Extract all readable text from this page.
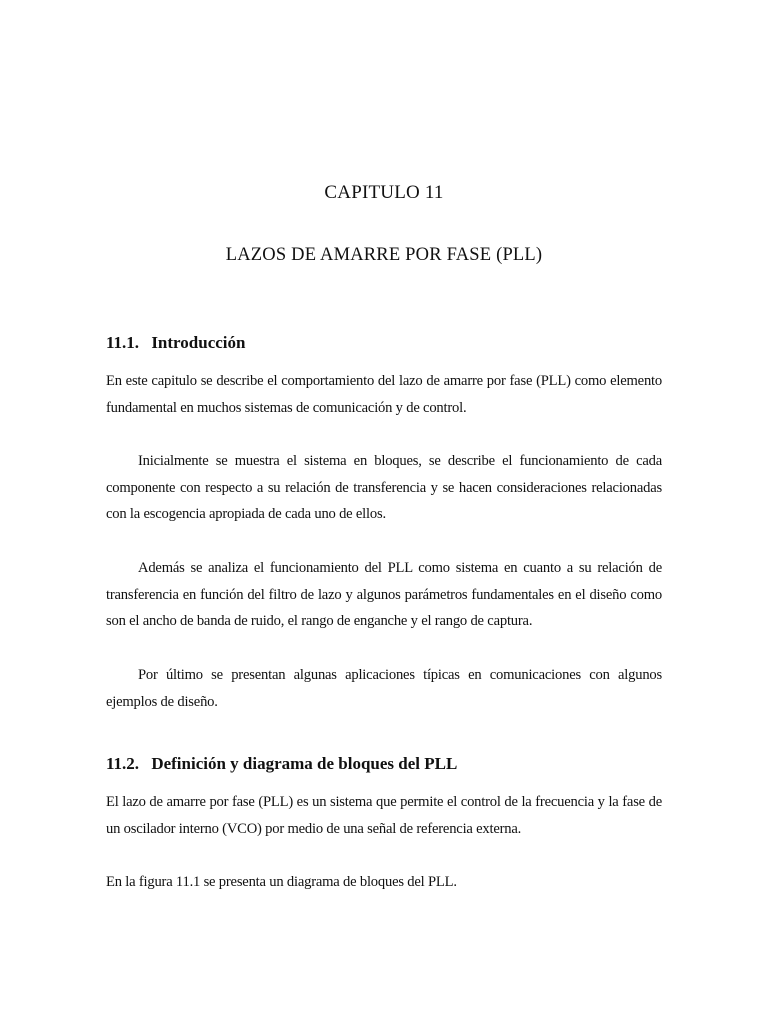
CAPITULO 11
LAZOS DE AMARRE POR FASE (PLL)
11.1. Introducción
En este capitulo se describe el comportamiento del lazo de amarre por fase (PLL) como elemento fundamental en muchos sistemas de comunicación y de control.
Inicialmente se muestra el sistema en bloques, se describe el funcionamiento de cada componente con respecto a su relación de transferencia y se hacen consideraciones relacionadas con la escogencia apropiada de cada uno de ellos.
Además se analiza el funcionamiento del PLL como sistema en cuanto a su relación de transferencia en función del filtro de lazo y algunos parámetros fundamentales en el diseño como son el ancho de banda de ruido, el rango de enganche y el rango de captura.
Por último se presentan algunas aplicaciones típicas en comunicaciones con algunos ejemplos de diseño.
11.2. Definición y diagrama de bloques del PLL
El lazo de amarre por fase (PLL) es un sistema que permite el control de la frecuencia y la fase de un oscilador interno (VCO) por medio de una señal de referencia externa.
En la figura 11.1 se presenta un diagrama de bloques del PLL.
